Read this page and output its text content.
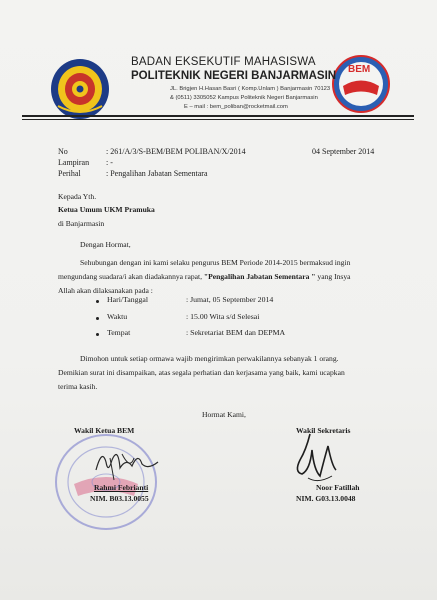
BEM
BADAN EKSEKUTIF MAHASISWA
POLITEKNIK NEGERI BANJARMASIN
JL. Brigjen H.Hasan Basri ( Komp.Unlam ) Banjarmasin 70123
& (0511) 3305052 Kampus Politeknik Negeri Banjarmasin
E – mail : bem_poliban@rocketmail.com
No	: 261/A/3/S-BEM/BEM POLIBAN/X/2014	04 September 2014
Lampiran : -
Perihal	: Pengalihan Jabatan Sementara
Kepada Yth.
Ketua Umum UKM Pramuka
di Banjarmasin
Dengan Hormat,
Sehubungan dengan ini kami selaku pengurus BEM Periode 2014-2015 bermaksud ingin
mengundang suadara/i akan diadakannya rapat, "Pengalihan Jabatan Sementara " yang Insya
Allah akan dilaksanakan pada :
Hari/Tanggal	: Jumat, 05 September 2014
Waktu	: 15.00 Wita s/d Selesai
Tempat	: Sekretariat BEM dan DEPMA
Dimohon untuk setiap ormawa wajib mengirimkan perwakilannya sebanyak 1 orang.
Demikian surat ini disampaikan, atas segala perhatian dan kerjasama yang baik, kami ucapkan
terima kasih.
Hormat Kami,
Wakil Ketua BEM	Wakil Sekretaris
Rahmi Febrianti
NIM. B03.13.0055
Noor Fatillah
NIM. G03.13.0048
